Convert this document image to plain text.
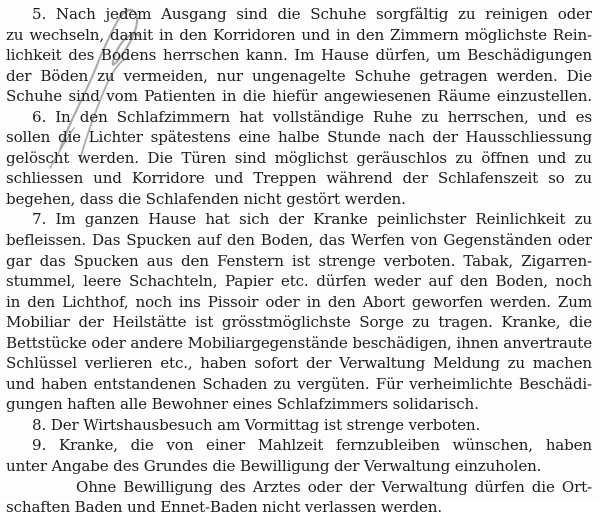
5. Nach jedem Ausgang sind die Schuhe sorgfältig zu reinigen oder
zu wechseln, damit in den Korridoren und in den Zimmern möglichste Rein-
lichkeit des Bodens herrschen kann. Im Hause dürfen, um Beschädigungen
der Böden zu vermeiden, nur ungenagelte Schuhe getragen werden. Die
Schuhe sind vom Patienten in die hiefür angewiesenen Räume einzustellen.
6. In den Schlafzimmern hat vollständige Ruhe zu herrschen, und es
sollen die Lichter spätestens eine halbe Stunde nach der Hausschliessung
gelöscht werden. Die Türen sind möglichst geräuschlos zu öffnen und zu
schliessen und Korridore und Treppen während der Schlafenszeit so zu
begehen, dass die Schlafenden nicht gestört werden.
7. Im ganzen Hause hat sich der Kranke peinlichster Reinlichkeit zu
befleissen. Das Spucken auf den Boden, das Werfen von Gegenständen oder
gar das Spucken aus den Fenstern ist strenge verboten. Tabak, Zigarren-
stummel, leere Schachteln, Papier etc. dürfen weder auf den Boden, noch
in den Lichthof, noch ins Pissoir oder in den Abort geworfen werden. Zum
Mobiliar der Heilstätte ist grösstmöglichste Sorge zu tragen. Kranke, die
Bettstücke oder andere Mobiliargegenstände beschädigen, ihnen anvertraute
Schlüssel verlieren etc., haben sofort der Verwaltung Meldung zu machen
und haben entstandenen Schaden zu vergüten. Für verheimlichte Beschädi-
gungen haften alle Bewohner eines Schlafzimmers solidarisch.
8. Der Wirtshausbesuch am Vormittag ist strenge verboten.
9. Kranke, die von einer Mahlzeit fernzubleiben wünschen, haben
unter Angabe des Grundes die Bewilligung der Verwaltung einzuholen.
Ohne Bewilligung des Arztes oder der Verwaltung dürfen die Ort-
schaften Baden und Ennet-Baden nicht verlassen werden.
